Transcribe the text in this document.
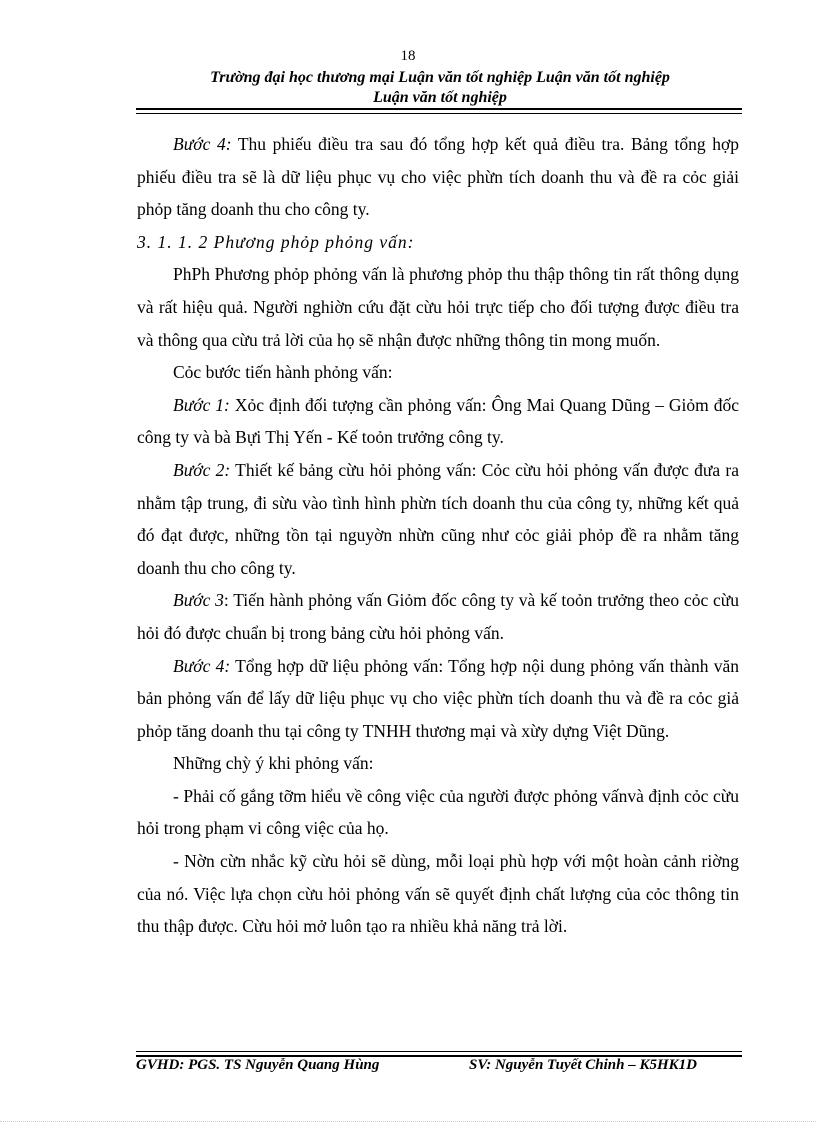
18
Trường đại học thương mại Luận văn tốt nghiệp Luận văn tốt nghiệp
Luận văn tốt nghiệp

Bước 4: Thu phiếu điều tra sau đó tổng hợp kết quả điều tra. Bảng tổng hợp phiếu điều tra sẽ là dữ liệu phục vụ cho việc phừn tích doanh thu và đề ra cỏc giải phỏp tăng doanh thu cho công ty.

3. 1. 1. 2 Phương phỏp phỏng vấn:

PhPh Phương phỏp phỏng vấn là phương phỏp thu thập thông tin rất thông dụng và rất hiệu quả. Người nghiờn cứu đặt cừu hỏi trực tiếp cho đối tượng được điều tra và thông qua cừu trả lời của họ sẽ nhận được những thông tin mong muốn.

Cỏc bước tiến hành phỏng vấn:

Bước 1: Xỏc định đối tượng cần phỏng vấn: Ông Mai Quang Dũng – Giỏm đốc công ty và bà Bựi Thị Yến - Kế toỏn trưởng công ty.

Bước 2: Thiết kế bảng cừu hỏi phỏng vấn: Cỏc cừu hỏi phỏng vấn được đưa ra nhằm tập trung, đi sừu vào tình hình phừn tích doanh thu của công ty, những kết quả đó đạt được, những tồn tại nguyờn nhừn cũng như cỏc giải phỏp đề ra nhằm tăng doanh thu cho công ty.

Bước 3: Tiến hành phỏng vấn Giỏm đốc công ty và kế toỏn trưởng theo cỏc cừu hỏi đó được chuẩn bị trong bảng cừu hỏi phỏng vấn.

Bước 4: Tổng hợp dữ liệu phỏng vấn: Tổng hợp nội dung phỏng vấn thành văn bản phỏng vấn để lấy dữ liệu phục vụ cho việc phừn tích doanh thu và đề ra cỏc giả phỏp tăng doanh thu tại công ty TNHH thương mại và xừy dựng Việt Dũng.

Những chỳ ý khi phỏng vấn:

- Phải cố gắng tỡm hiểu về công việc của người được phỏng vấnvà định cỏc cừu hỏi trong phạm vi công việc của họ.

- Nờn cừn nhắc kỹ cừu hỏi sẽ dùng, mỗi loại phù hợp với một hoàn cảnh riờng của nó. Việc lựa chọn cừu hỏi phỏng vấn sẽ quyết định chất lượng của cỏc thông tin thu thập được. Cừu hỏi mở luôn tạo ra nhiều khả năng trả lời.

GVHD: PGS. TS Nguyễn Quang Hùng	SV: Nguyễn Tuyết Chinh – K5HK1D
